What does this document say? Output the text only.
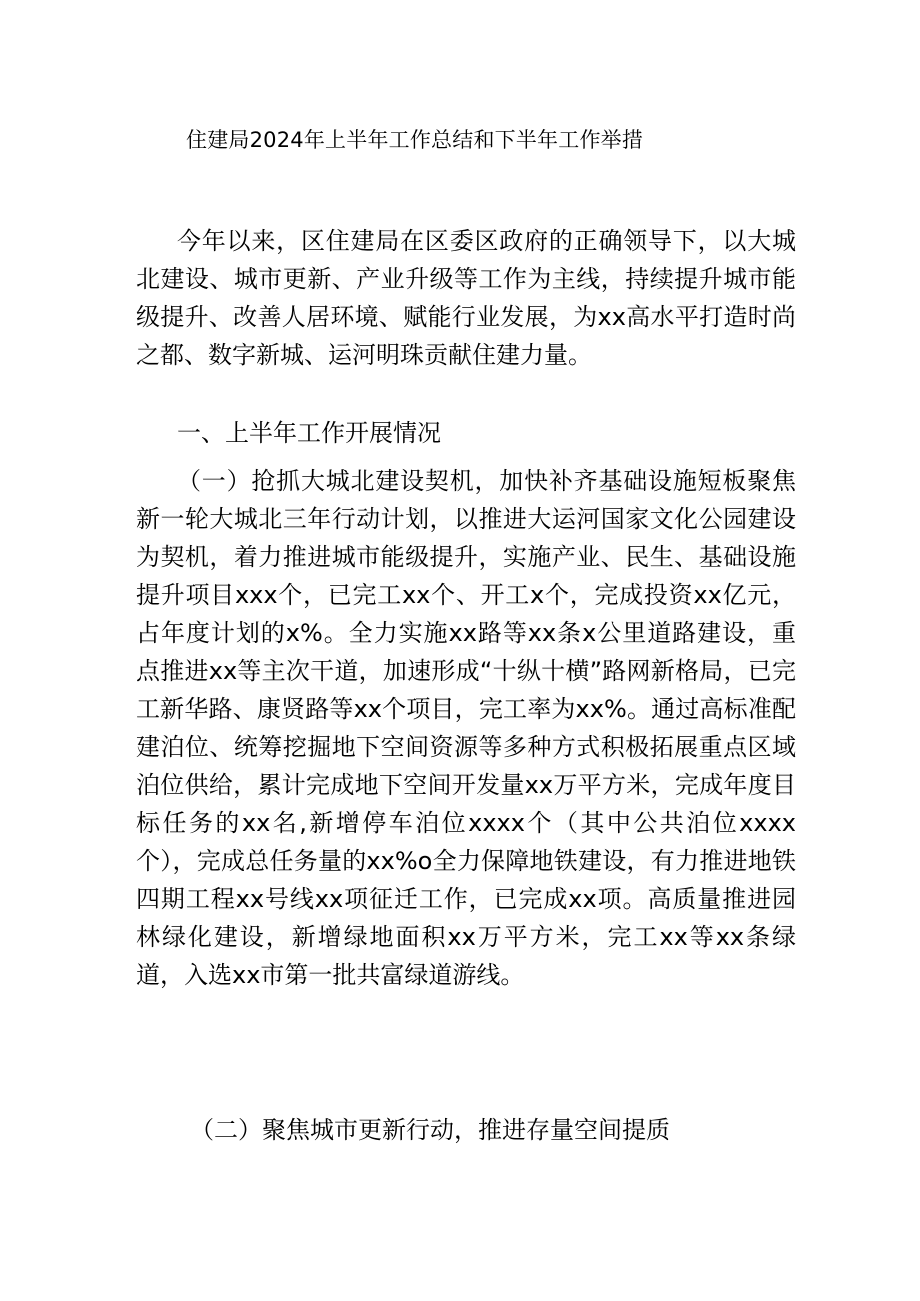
住建局2024年上半年工作总结和下半年工作举措

今年以来，区住建局在区委区政府的正确领导下，以大城北建设、城市更新、产业升级等工作为主线，持续提升城市能级提升、改善人居环境、赋能行业发展，为xx高水平打造时尚之都、数字新城、运河明珠贡献住建力量。

一、上半年工作开展情况

（一）抢抓大城北建设契机，加快补齐基础设施短板聚焦新一轮大城北三年行动计划，以推进大运河国家文化公园建设为契机，着力推进城市能级提升，实施产业、民生、基础设施提升项目xxx个，已完工xx个、开工x个，完成投资xx亿元，占年度计划的x%。全力实施xx路等xx条x公里道路建设，重点推进xx等主次干道，加速形成“十纵十横”路网新格局，已完工新华路、康贤路等xx个项目，完工率为xx%。通过高标准配建泊位、统筹挖掘地下空间资源等多种方式积极拓展重点区域泊位供给，累计完成地下空间开发量xx万平方米，完成年度目标任务的xx名,新增停车泊位xxxx个（其中公共泊位xxxx个），完成总任务量的xx%o全力保障地铁建设，有力推进地铁四期工程xx号线xx项征迁工作，已完成xx项。高质量推进园林绿化建设，新增绿地面积xx万平方米，完工xx等xx条绿道，入选xx市第一批共富绿道游线。

（二）聚焦城市更新行动，推进存量空间提质
